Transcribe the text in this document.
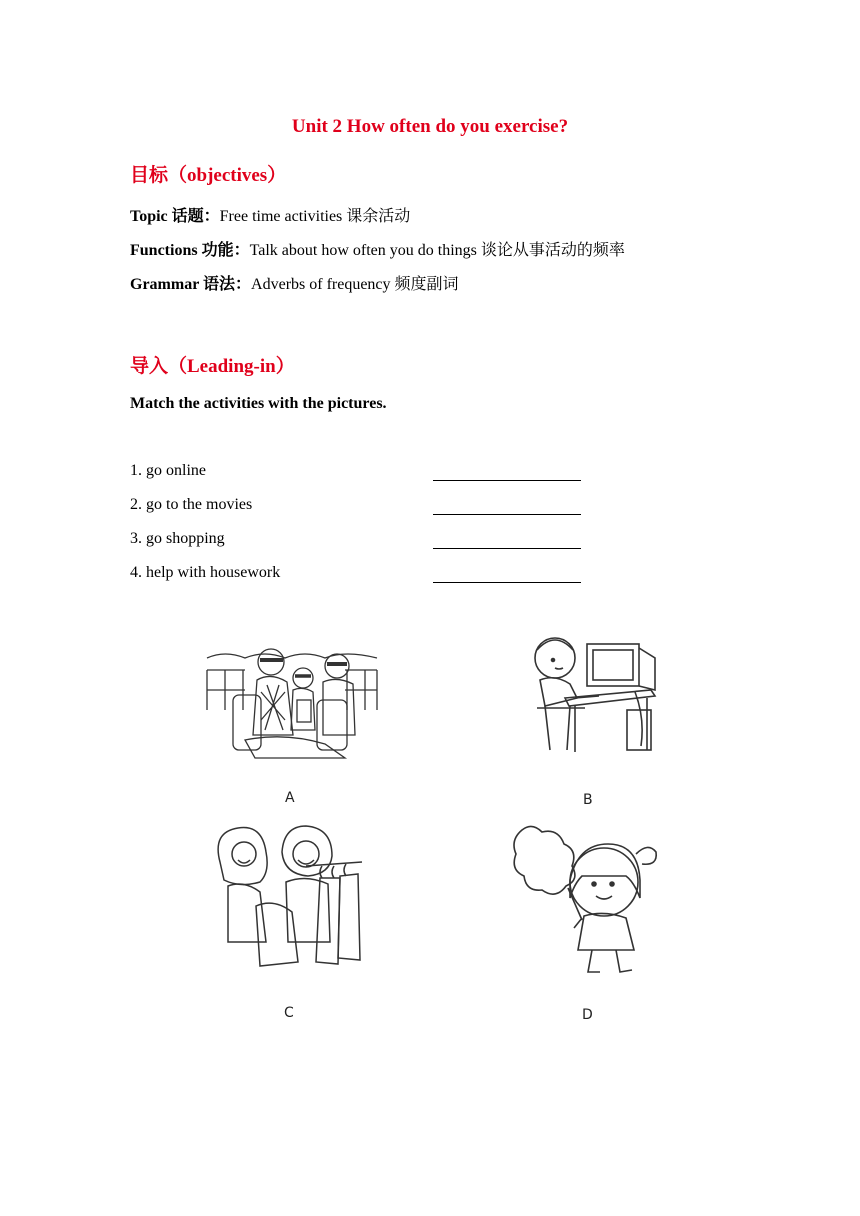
Unit 2 How often do you exercise?
目标（objectives）
Topic 话题：Free time activities 课余活动
Functions 功能：Talk about how often you do things 谈论从事活动的频率
Grammar 语法：Adverbs of frequency 频度副词
导入（Leading-in）
Match the activities with the pictures.
1. go online
2. go to the movies
3. go shopping
4. help with housework
A	B
C	D
